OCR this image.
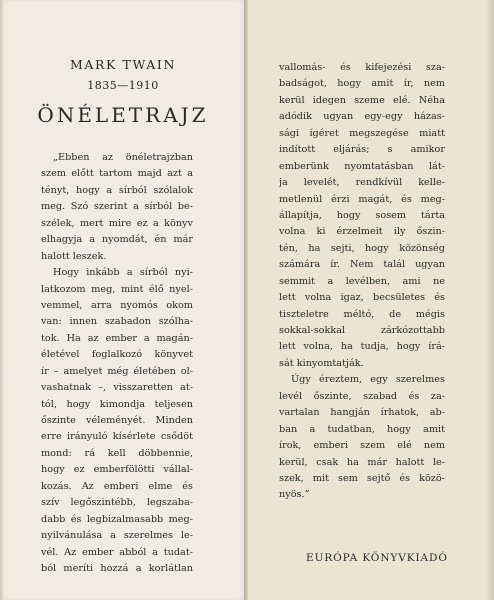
MARK TWAIN
1835—1910
ÖNÉLETRAJZ
„Ebben az önéletrajzban
szem előtt tartom majd azt a
tényt, hogy a sírból szólalok
meg. Szó szerint a sírból be-
szélek, mert mire ez a könyv
elhagyja a nyomdát, én már
halott leszek.
Hogy inkább a sírból nyi-
latkozom meg, mint élő nyel-
vemmel, arra nyomós okom
van: innen szabadon szólha-
tok. Ha az ember a magán-
életével foglalkozó könyvet
ír – amelyet még életében ol-
vashatnak –, visszaretten at-
tól, hogy kimondja teljesen
őszinte véleményét. Minden
erre irányuló kísérlete csődöt
mond: rá kell döbbennie,
hogy ez emberfölötti vállal-
kozás. Az emberi elme és
szív legőszintébb, legszaba-
dabb és legbizalmasabb meg-
nyilvánulása a szerelmes le-
vél. Az ember abból a tudat-
ból meríti hozzá a korlátlan
vallomás- és kifejezési sza-
badságot, hogy amit ír, nem
kerül idegen szeme elé. Néha
adódik ugyan egy-egy házas-
sági ígéret megszegése miatt
indított eljárás; s amikor
emberünk nyomtatásban lát-
ja levelét, rendkívül kelle-
metlenül érzi magát, és meg-
állapítja, hogy sosem tárta
volna ki érzelmeit ily őszin-
tén, ha sejti, hogy közönség
számára ír. Nem talál ugyan
semmit a levélben, ami ne
lett volna igaz, becsületes és
tiszteletre méltó, de mégis
sokkal-sokkal zárkózottabb
lett volna, ha tudja, hogy írá-
sát kinyomtatják.
Úgy éreztem, egy szerelmes
levél őszinte, szabad és za-
vartalan hangján írhatok, ab-
ban a tudatban, hogy amit
írok, emberi szem elé nem
kerül, csak ha már halott le-
szek, mit sem sejtő és közö-
nyös.”
EURÓPA KÖNYVKIADÓ
